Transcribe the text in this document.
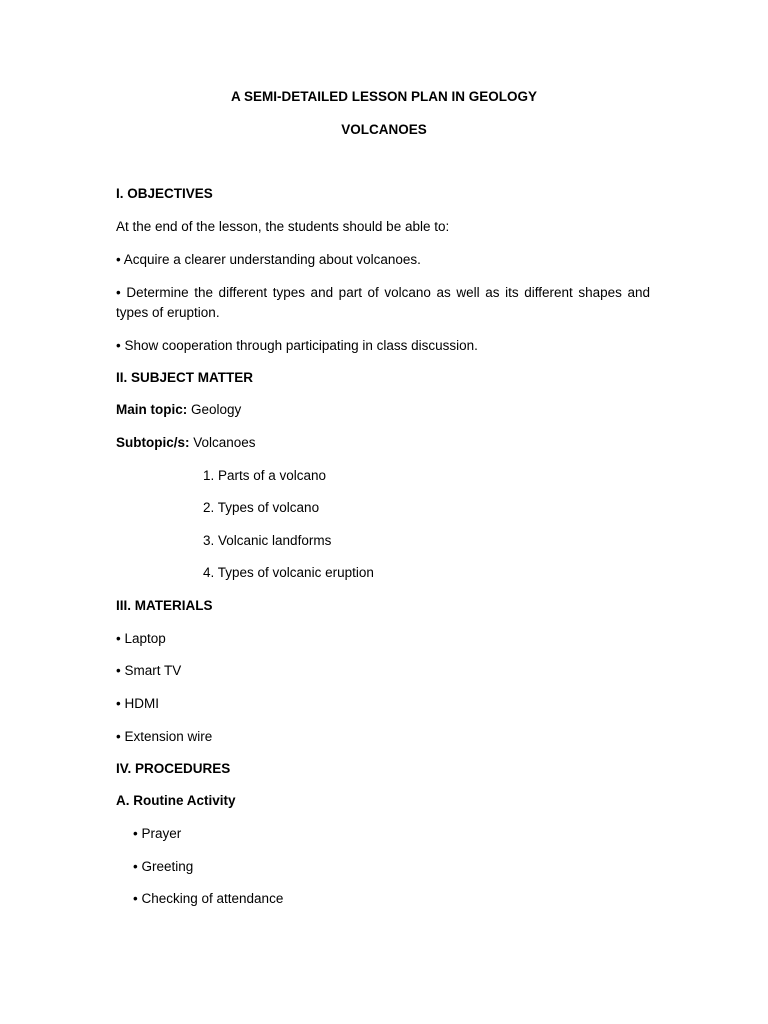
A SEMI-DETAILED LESSON PLAN IN GEOLOGY
VOLCANOES
I. OBJECTIVES
At the end of the lesson, the students should be able to:
• Acquire a clearer understanding about volcanoes.
• Determine the different types and part of volcano as well as its different shapes and types of eruption.
• Show cooperation through participating in class discussion.
II. SUBJECT MATTER
Main topic: Geology
Subtopic/s: Volcanoes
1. Parts of a volcano
2. Types of volcano
3. Volcanic landforms
4. Types of volcanic eruption
III. MATERIALS
• Laptop
• Smart TV
• HDMI
• Extension wire
IV. PROCEDURES
A. Routine Activity
• Prayer
• Greeting
• Checking of attendance
